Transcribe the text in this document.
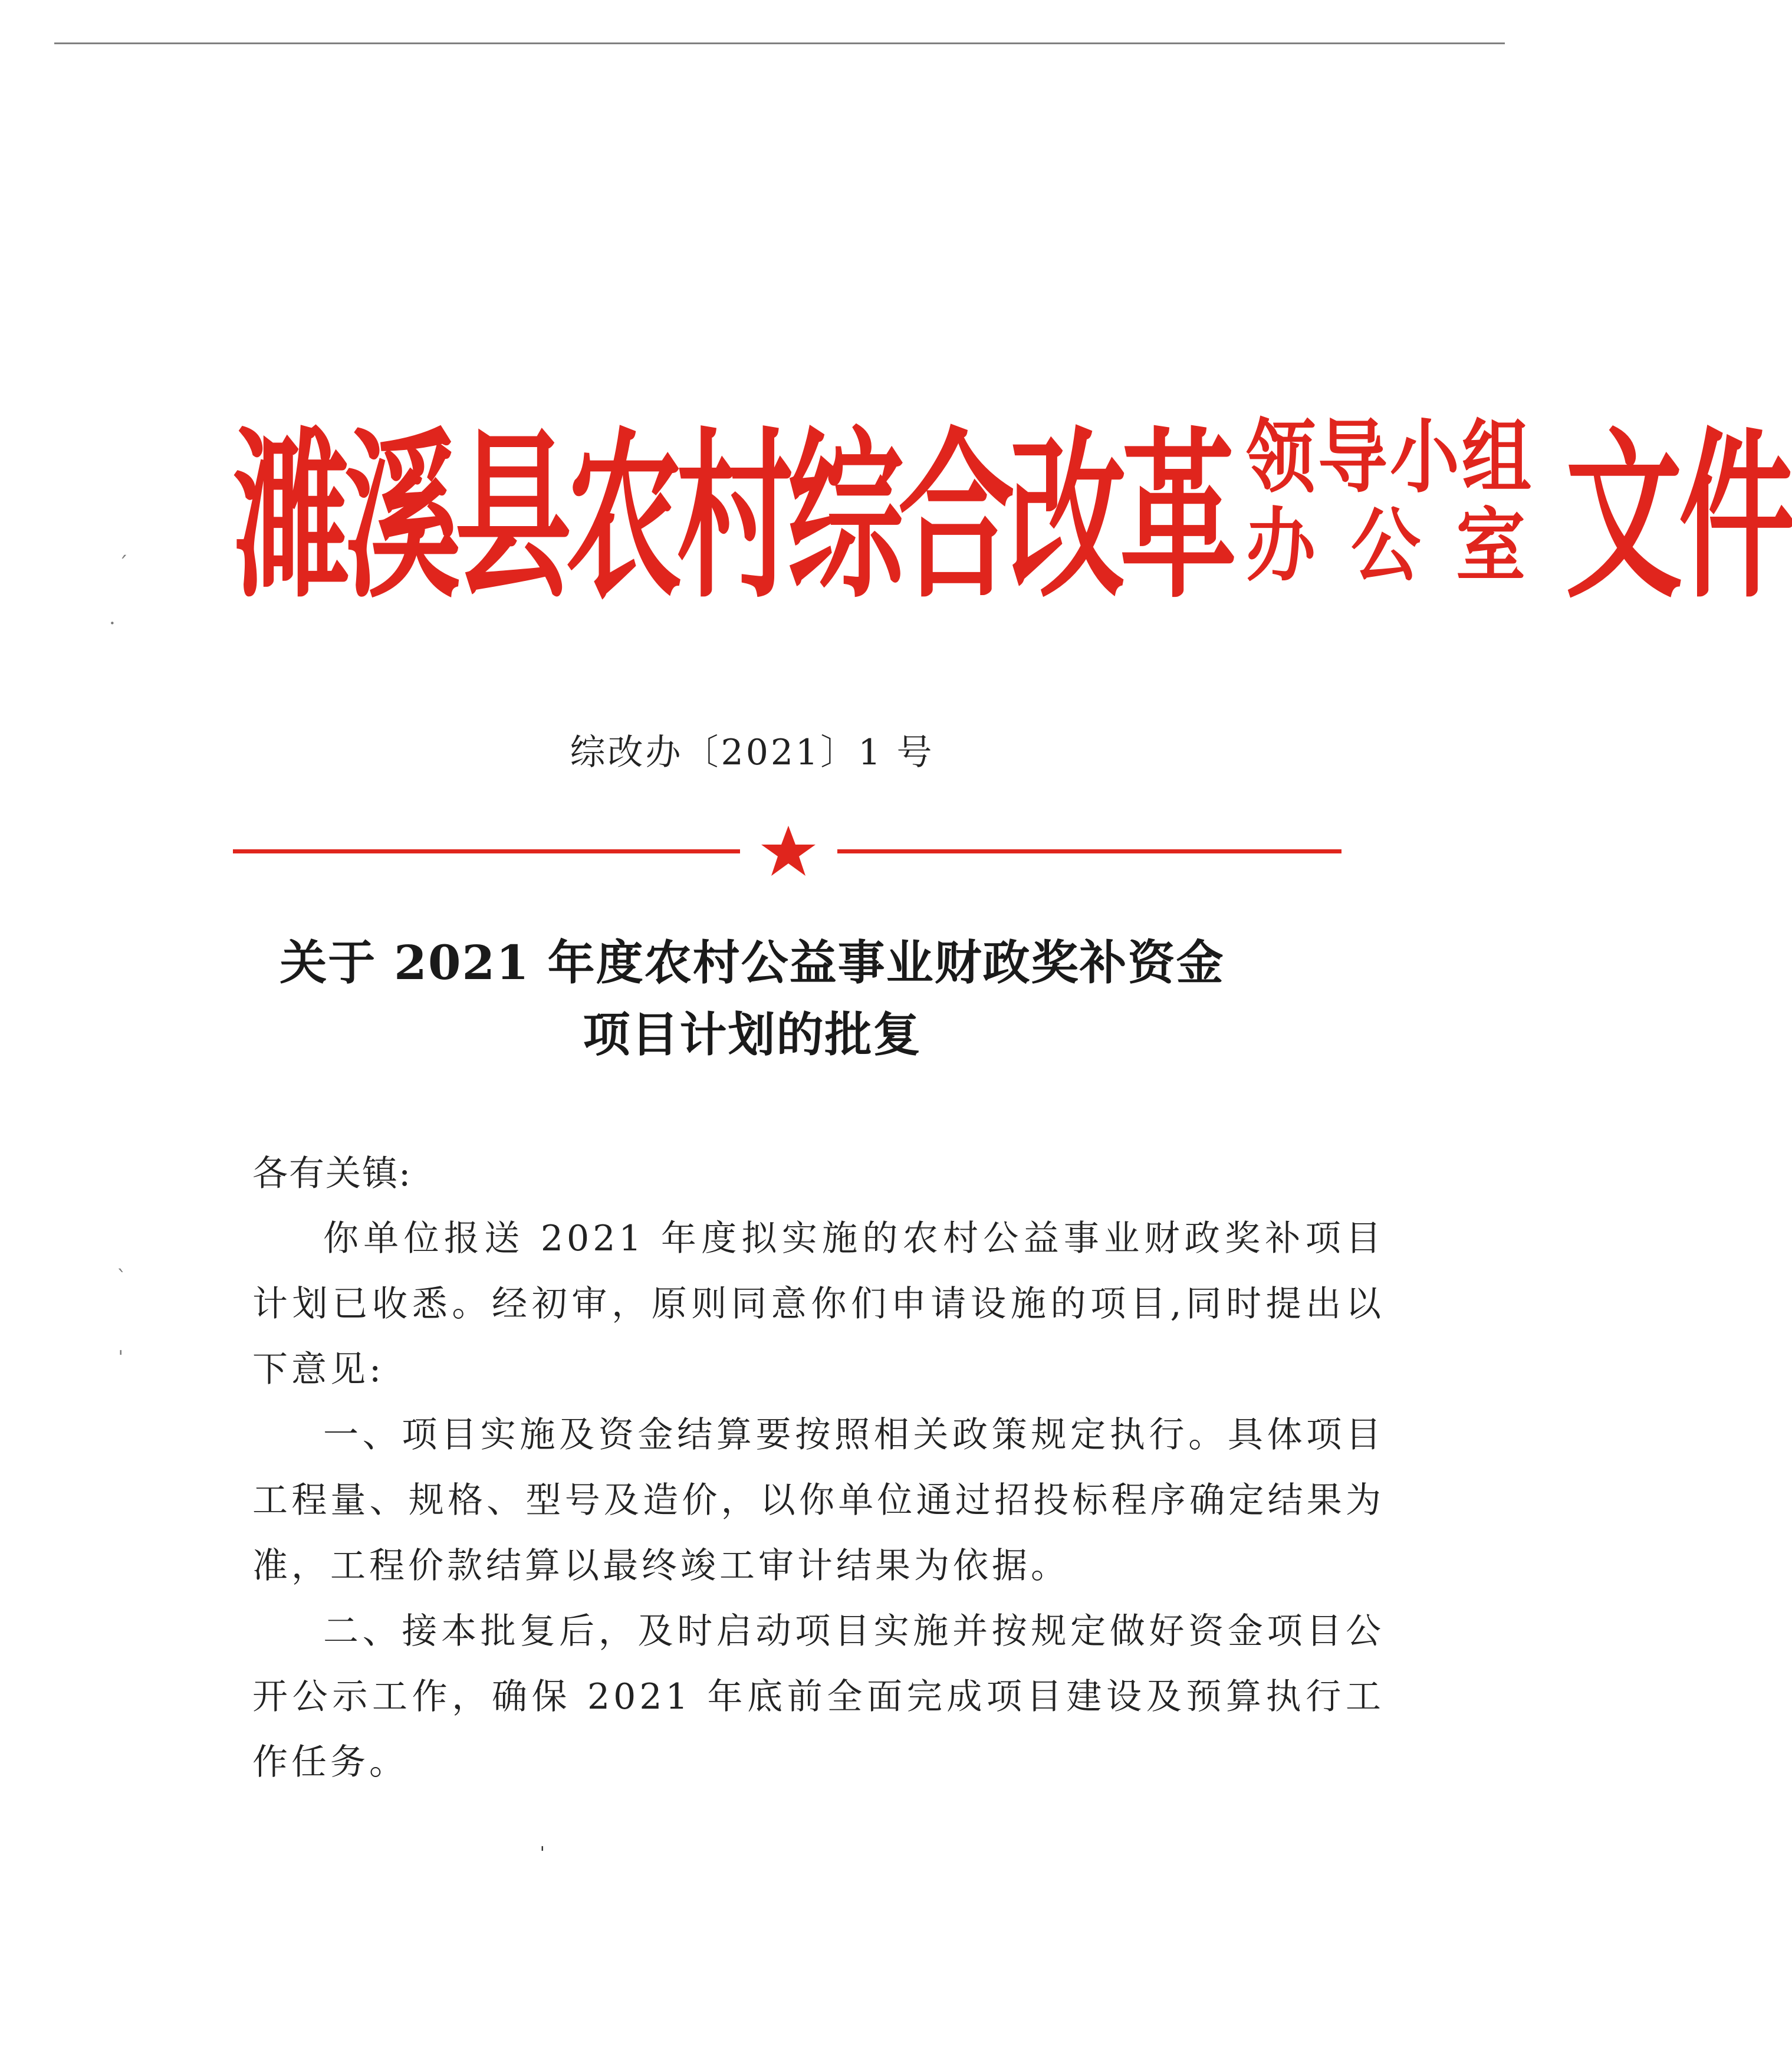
ˊ
·
ˋ
ˌ
ˈ
濉溪县农村综合改革 领导小组
办公室 文件
综改办〔2021〕1 号
关于 2021 年度农村公益事业财政奖补资金
项目计划的批复

各有关镇:

你单位报送 2021 年度拟实施的农村公益事业财政奖补项目计划已收悉。经初审，原则同意你们申请设施的项目,同时提出以下意见:

一、项目实施及资金结算要按照相关政策规定执行。具体项目工程量、规格、型号及造价，以你单位通过招投标程序确定结果为准，工程价款结算以最终竣工审计结果为依据。

二、接本批复后，及时启动项目实施并按规定做好资金项目公开公示工作，确保 2021 年底前全面完成项目建设及预算执行工作任务。
